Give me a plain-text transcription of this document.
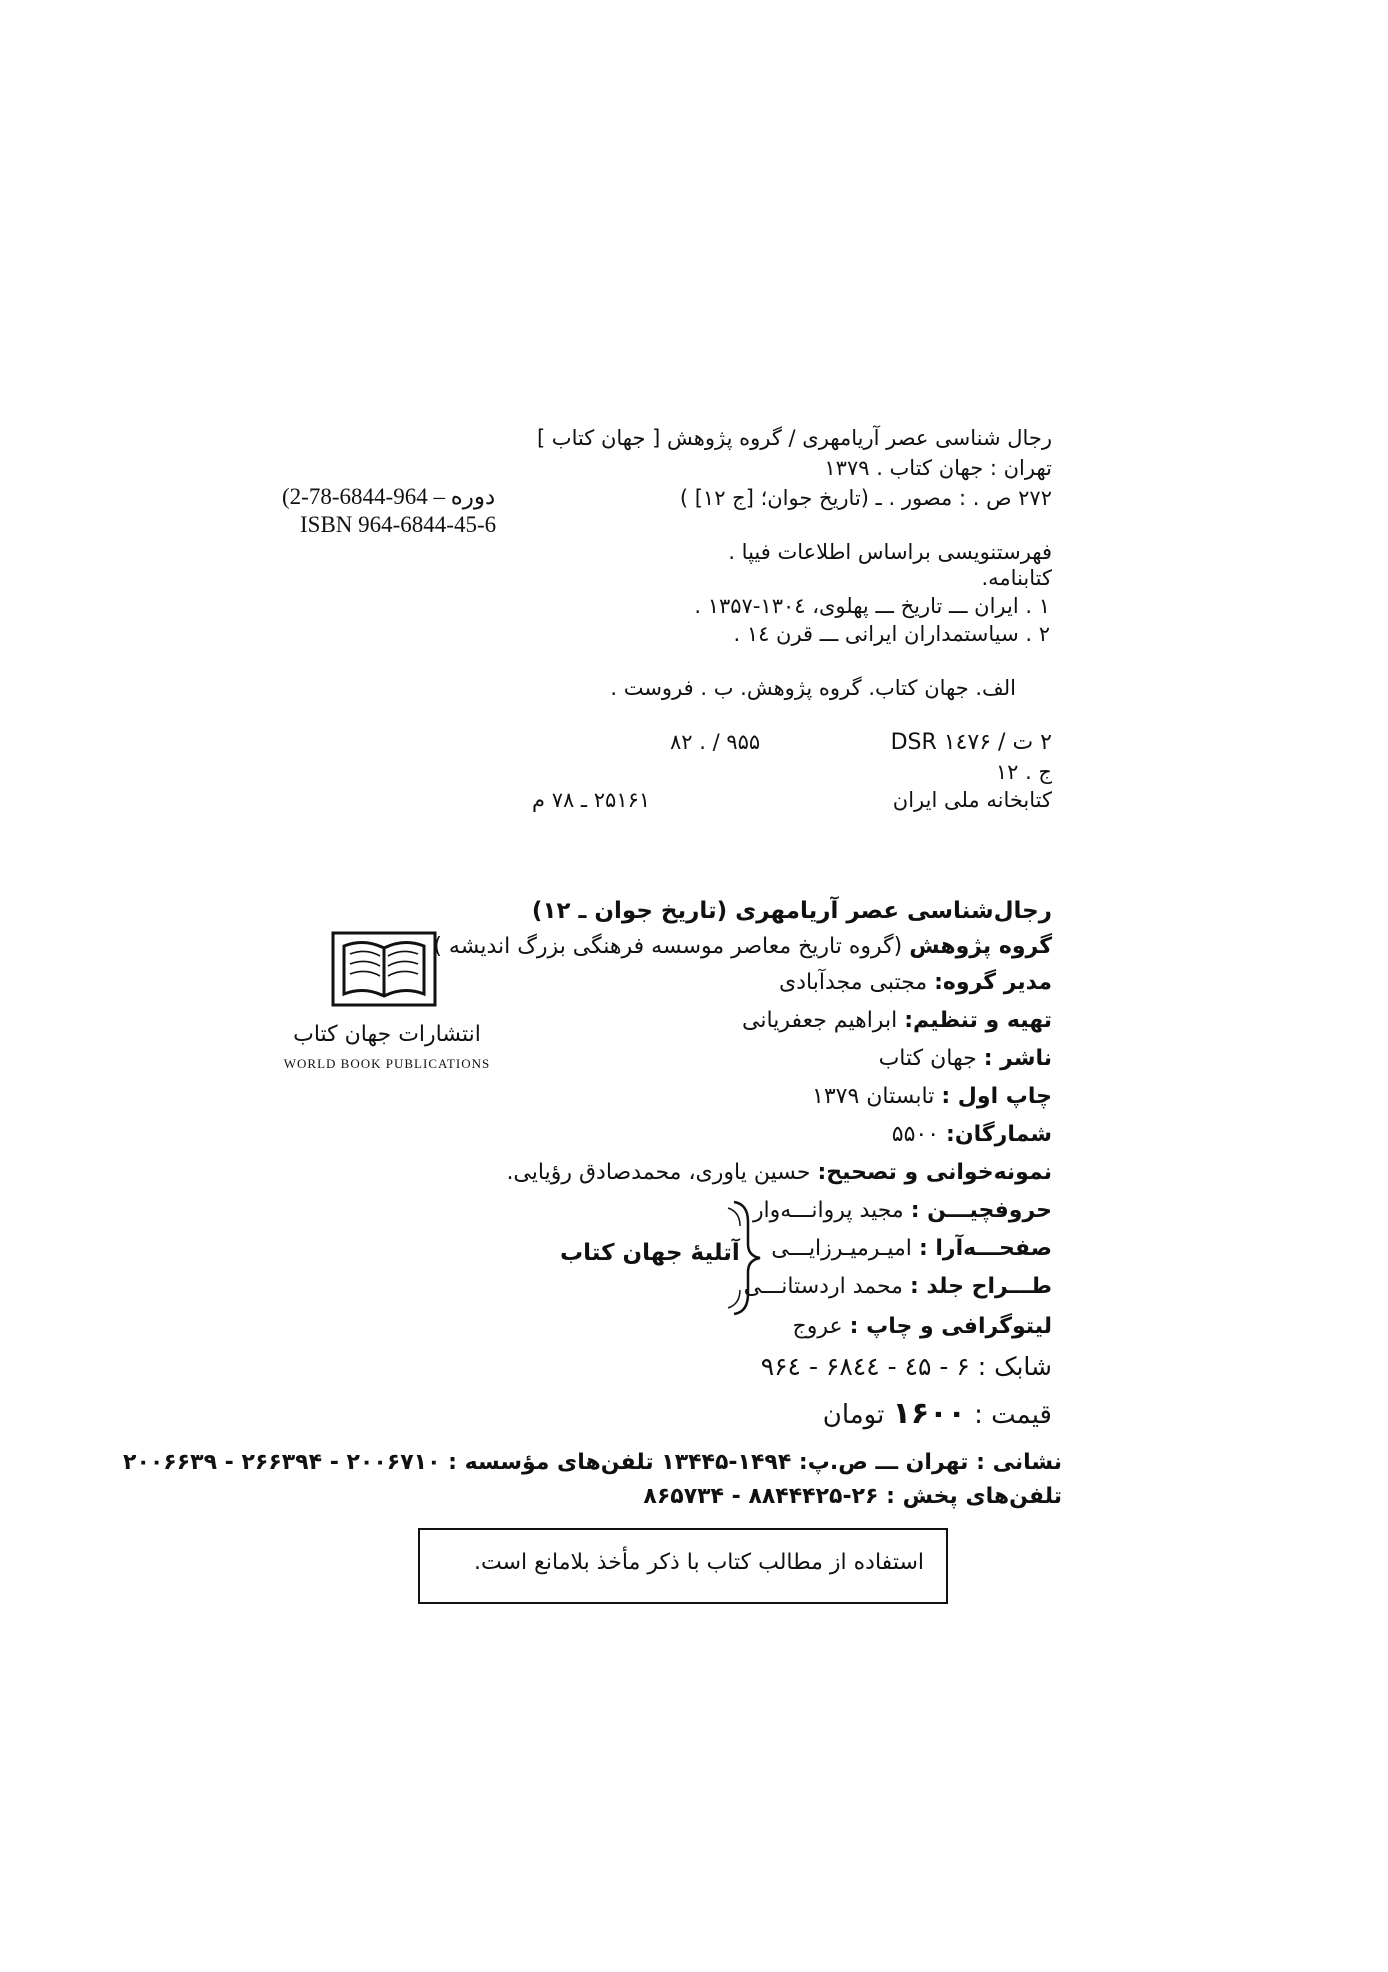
رجال شناسی عصر آریامهری / گروه پژوهش [ جهان کتاب ]
تهران : جهان کتاب . ۱۳۷۹
۲۷۲ ص . : مصور . ـ (تاریخ جوان؛ [ج ۱۲] )
(دوره – 964-6844-78-2
ISBN 964-6844-45-6
فهرستنویسی براساس اطلاعات فیپا .
کتابنامه.
۱ . ایران ـــ تاریخ ـــ پهلوی، ۱۳۰٤-۱۳۵۷ .
۲ . سیاستمداران ایرانی ـــ قرن ١٤ .
الف. جهان کتاب. گروه پژوهش. ب . فروست .
۲ ت / DSR ۱٤۷۶
۹۵۵ / . ۸۲
ج . ۱۲
کتابخانه ملی ایران
۲۵۱۶۱ ـ ۷۸ م
انتشارات جهان کتاب
WORLD BOOK PUBLICATIONS
رجال‌شناسی عصر آریامهری (تاریخ جوان ـ ۱۲)
گروه پژوهش (گروه تاریخ معاصر موسسه فرهنگی بزرگ اندیشه )
مدیر گروه: مجتبی مجدآبادی
تهیه و تنظیم: ابراهیم جعفریانی
ناشر : جهان کتاب
چاپ اول : تابستان ۱۳۷۹
شمارگان: ۵۵۰۰
نمونه‌خوانی و تصحیح: حسین یاوری، محمدصادق رؤیایی.
حروفچیـــن : مجید پروانـــه‌وار
صفحـــه‌آرا : امیـرمیـرزایـــی
طـــراح جلد : محمد اردستانـــی
آتلیهٔ جهان کتاب
لیتوگرافی و چاپ : عروج
شابک : ۶ - ٤۵ - ۶۸٤٤ - ۹۶٤
قیمت : ۱۶۰۰ تومان
نشانی : تهران ـــ ص.پ: ۱۴۹۴-۱۳۴۴۵ تلفن‌های مؤسسه : ۲۰۰۶۷۱۰ - ۲۶۶۳۹۴ - ۲۰۰۶۶۳۹
تلفن‌های پخش : ۲۶-۸۸۴۴۴۲۵ - ۸۶۵۷۳۴
استفاده از مطالب کتاب با ذکر مأخذ بلامانع است.
